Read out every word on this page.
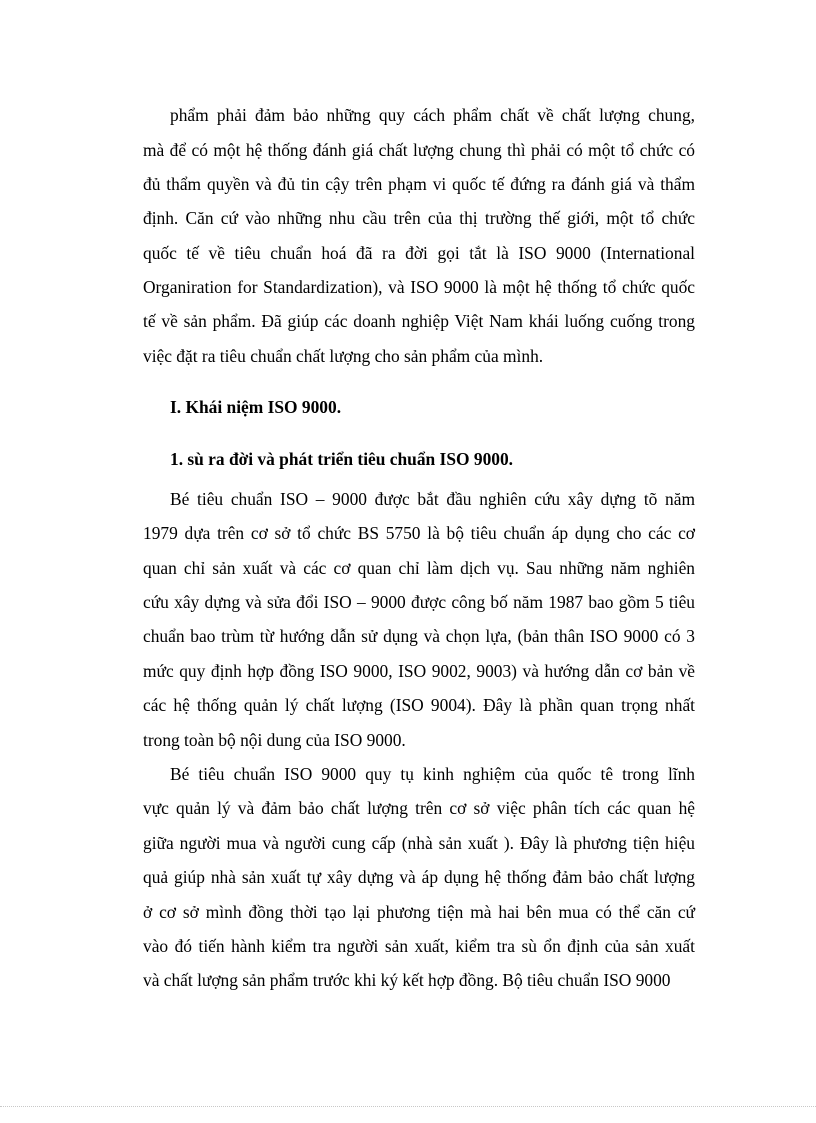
phẩm phải đảm bảo những quy cách phẩm chất về chất lượng chung,
mà để có một hệ thống đánh giá chất lượng chung thì phải có một tổ chức có
đủ thẩm quyền và đủ tin cậy trên phạm vi quốc tế đứng ra đánh giá và thẩm
định. Căn cứ vào những nhu cầu trên của thị trường thế giới, một tổ chức
quốc tế về tiêu chuẩn hoá đã ra đời gọi tắt là ISO 9000 (International
Organiration for Standardization), và ISO 9000 là một hệ thống tổ chức quốc
tế về sản phẩm. Đã giúp các doanh nghiệp Việt Nam khái luống cuống trong
việc đặt ra tiêu chuẩn chất lượng cho sản phẩm của mình.
I. Khái niệm ISO 9000.
1. sù ra đời và phát triển tiêu chuẩn ISO 9000.
Bé tiêu chuẩn ISO – 9000 được bắt đầu nghiên cứu xây dựng tõ năm
1979 dựa trên cơ sở tổ chức BS 5750 là bộ tiêu chuẩn áp dụng cho các cơ
quan chỉ sản xuất và các cơ quan chỉ làm dịch vụ. Sau những năm nghiên
cứu xây dựng và sửa đổi ISO – 9000 được công bố năm 1987 bao gồm 5 tiêu
chuẩn bao trùm từ hướng dẫn sử dụng và chọn lựa, (bản thân ISO 9000 có 3
mức quy định hợp đồng ISO 9000, ISO 9002, 9003) và hướng dẫn cơ bản về
các hệ thống quản lý chất lượng (ISO 9004). Đây là phần quan trọng nhất
trong toàn bộ nội dung của ISO 9000.
Bé tiêu chuẩn ISO 9000 quy tụ kinh nghiệm của quốc tê trong lĩnh
vực quản lý và đảm bảo chất lượng trên cơ sở việc phân tích các quan hệ
giữa người mua và người cung cấp (nhà sản xuất ). Đây là phương tiện hiệu
quả giúp nhà sản xuất tự xây dựng và áp dụng hệ thống đảm bảo chất lượng
ở cơ sở mình đồng thời tạo lại phương tiện mà hai bên mua có thể căn cứ
vào đó tiến hành kiểm tra người sản xuất, kiểm tra sù ổn định của sản xuất
và chất lượng sản phẩm trước khi ký kết hợp đồng. Bộ tiêu chuẩn ISO 9000
